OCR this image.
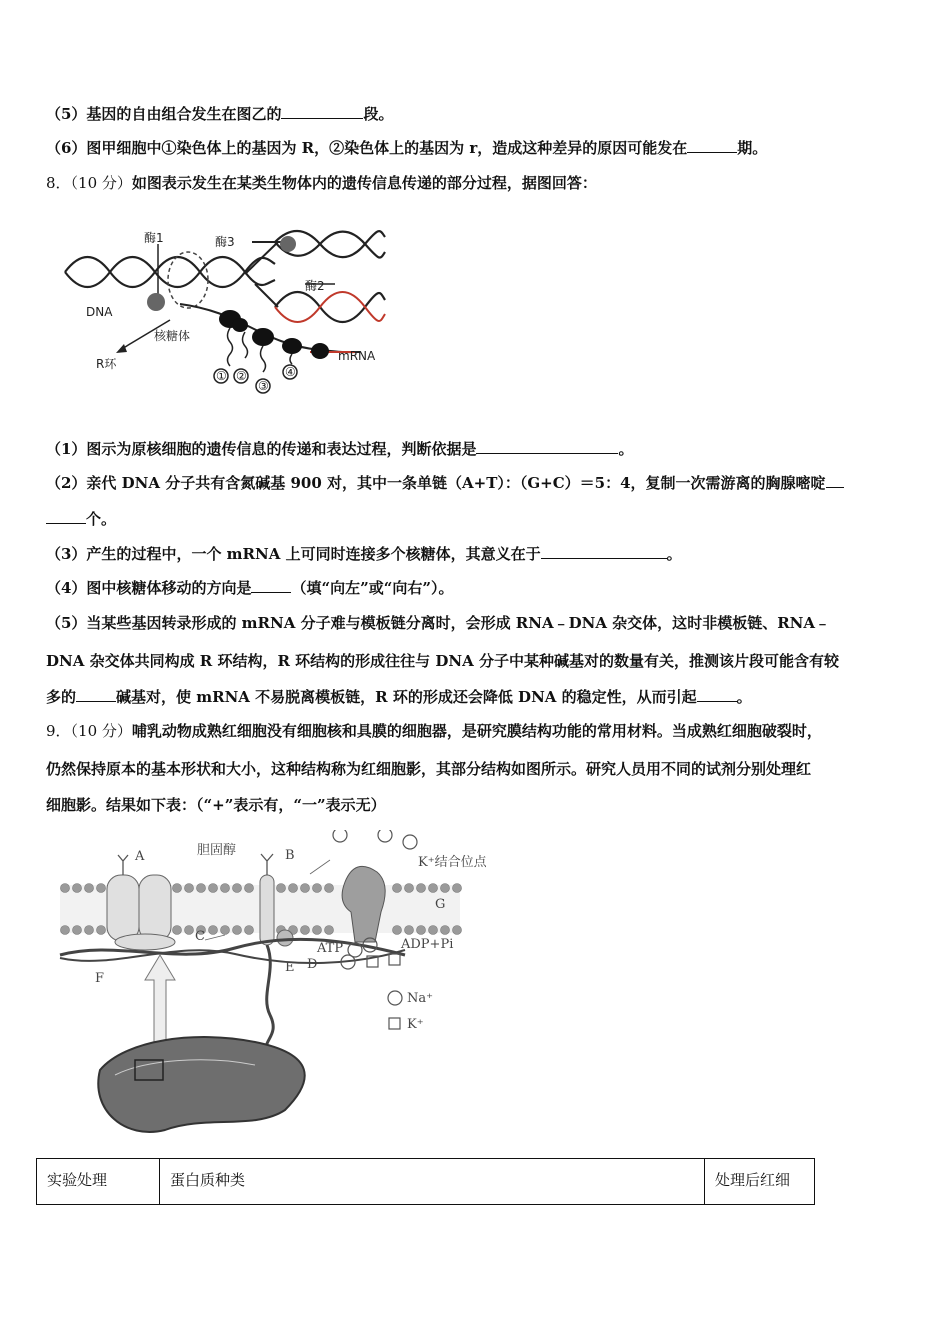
（5）基因的自由组合发生在图乙的	段。
（6）图甲细胞中①染色体上的基因为 R，②染色体上的基因为 r，造成这种差异的原因可能发在	期。
8．（10 分）如图表示发生在某类生物体内的遗传信息传递的部分过程，据图回答：
酶1	酶3
酶2
DNA
核糖体
R环
mRNA
① ②
③
④
（1）图示为原核细胞的遗传信息的传递和表达过程，判断依据是	。
（2）亲代 DNA 分子共有含氮碱基 900 对，其中一条单链（A+T）：（G+C）＝5：4，复制一次需游离的胸腺嘧啶
个。
（3）产生的过程中，一个 mRNA 上可同时连接多个核糖体，其意义在于	。
（4）图中核糖体移动的方向是	（填“向左”或“向右”）。
（5）当某些基因转录形成的 mRNA 分子难与模板链分离时，会形成 RNA﹣DNA 杂交体，这时非模板链、RNA﹣
DNA 杂交体共同构成 R 环结构，R 环结构的形成往往与 DNA 分子中某种碱基对的数量有关，推测该片段可能含有较
多的	碱基对，使 mRNA 不易脱离模板链，R 环的形成还会降低 DNA 的稳定性，从而引起	。
9．（10 分）哺乳动物成熟红细胞没有细胞核和具膜的细胞器，是研究膜结构功能的常用材料。当成熟红细胞破裂时，
仍然保持原本的基本形状和大小，这种结构称为红细胞影，其部分结构如图所示。研究人员用不同的试剂分别处理红
细胞影。结果如下表：（“+”表示有，“一”表示无）
A	胆固醇	B	K⁺结合位点
G
C
ATP	ADP+Pi
E D
F
Na⁺
K⁺
实验处理	蛋白质种类	处理后红细
